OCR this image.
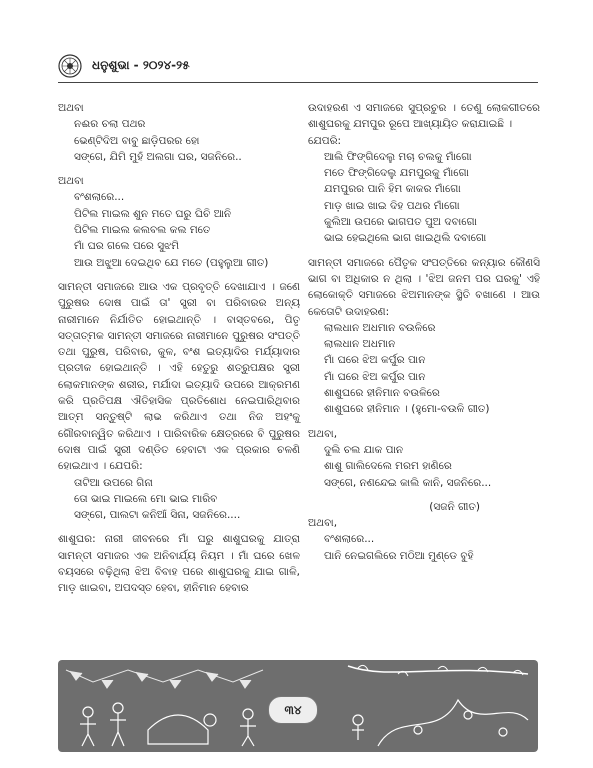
ଧନୁଶୁଭା - ୨୦୨୪-୨୫

ଅଥବା

ନଈର ଚଲା ପଥର

ଭେଣ୍ଟିଦିଅ ବାବୁ ଛାଡ଼ିପରର ହୋ

ସଙ୍ଗେ, ଯିମି ମୁହଁ ଅଲଗା ଘର, ସଜନିରେ..

ଅଥବା

ବଂଶଲାରେ...

ପିଟିଲ ମାଇଲ ଶୁନ ମତେ ଘରୁ ଘିଚି ଆନି

ପିଟିଲ ମାଇଲ କଲବଲ କଲ ମତେ

ମାଁ ଘର ଗଲେ ପରେ ସୁଝମି

ଆଉ ଅଝୁଆ ଦେଇଥିବ ଯେ ମତେ (ପହୁଲୁଆ ଗୀତ)

ସାମନ୍ତୀ ସମାଜରେ ଆଉ ଏକ ପ୍ରବୃତ୍ତି ଦେଖାଯାଏ । ଜଣେ ପୁରୁଷର ଦୋଷ ପାଇଁ ତା' ସ୍ତ୍ରୀ ବା ପରିବାରର ଅନ୍ୟ ନାରୀମାନେ ନିର୍ଯାତିତ ହୋଇଥାନ୍ତି । ବାସ୍ତବରେ, ପିତୃ ସତ୍ତାତ୍ମକ ସାମନ୍ତୀ ସମାଜରେ ନାରୀମାନେ ପୁରୁଷର ସଂପତ୍ତି ତଥା ପୁରୁଷ, ପରିବାର, କୁଳ, ବଂଶ ଇତ୍ୟାଦିର ମର୍ଯ୍ୟାଦାର ପ୍ରତୀକ ହୋଇଥାନ୍ତି । ଏହି ହେତୁରୁ ଶତ୍ରୁପକ୍ଷର ସ୍ତ୍ରୀ ଲୋକମାନଙ୍କ ଶରୀର, ମର୍ଯାଦା ଇତ୍ୟାଦି ଉପରେ ଆକ୍ରମଣ କରି ପ୍ରତିପକ୍ଷ ଐତିହାସିକ ପ୍ରତିଶୋଧ ନେଇପାରିଥିବାର ଆତ୍ମ ସନ୍ତୁଷ୍ଟି ଲାଭ କରିଥାଏ ତଥା ନିଜ ଅହଂକୁ ଗୌରବାନ୍ୱିତ କରିଥାଏ । ପାରିବାରିକ କ୍ଷେତ୍ରରେ ବି ପୁରୁଷର ଦୋଷ ପାଇଁ ସ୍ତ୍ରୀ ଦଣ୍ଡିତ ହେବାଟା ଏକ ପ୍ରକାର ଚଳଣି ହୋଇଥାଏ । ଯେପରି:

ତାଟିଆ ଉପରେ ଗିନା

ତୋ ଭାଇ ମାଇଲେ ମୋ ଭାଇ ମାରିବ

ସଙ୍ଗେ, ପାଲଟା କନିଆଁ ସିନା, ସଜନିରେ....

ଶାଶୁଘର: ନାରୀ ଜୀବନରେ ମାଁ ଘରୁ ଶାଶୁଘରକୁ ଯାତ୍ରା ସାମନ୍ତୀ ସମାଜର ଏକ ଅନିବାର୍ଯ୍ୟ ନିୟମ । ମାଁ ଘରେ ଖେଳ ବୟସରେ ବଢ଼ିଥିଲା ଝିଅ ବିବାହ ପରେ ଶାଶୁଘରକୁ ଯାଇ ଗାଳି, ମାଡ଼ ଖାଇବା, ଅପଦସ୍ତ ହେବା, ହୀନିମାନ ହେବାର

ଉଦାହରଣ ଏ ସମାଜରେ ସୁପ୍ରଚୁର । ତେଣୁ ଲୋକଗୀତରେ ଶାଶୁଘରକୁ ଯମପୁର ରୂପେ ଆଖ୍ୟାୟିତ କରାଯାଇଛି ।

ଯେପରି:

ଆଲି ଫିଙ୍ଗିଦେଲୁ ମଚା ଚଲକୁ ମାଁଗୋ

ମତେ ଫିଙ୍ଗିଦେଲୁ ଯମପୁରକୁ ମାଁଗୋ

ଯମପୁରର ପାନି ହିମ କାକର ମାଁଗୋ

ମାଡ଼ ଖାଇ ଖାଇ ଦିହ ପଥର ମାଁଗୋ

କୁଲିଆ ଉପରେ ଭାଗପତ ପୁଅ ଦବାଗୋ

ଭାଇ ହେଇଥିଲେ ଭାଗ ଖାଇଥିଲି ଦବାଗୋ

ସାମନ୍ତୀ ସମାଜରେ ପୈତୃକ ସଂପତ୍ତିରେ କନ୍ୟାର କୌଣସି ଭାଗ ବା ଅଧିକାର ନ ଥିଲା । 'ଝିଅ ଜନମ ପର ଘରକୁ' ଏହି ଲୋକୋକ୍ତି ସମାଜରେ ଝିଅମାନଙ୍କ ସ୍ଥିତି ବଖାଣେ । ଆଉ କେତୋଟି ଉଦାହରଣ:

ଲାଲଧାନ ଅଧମାନ ବଉଳିରେ

ଲାଲଧାନ ଅଧମାନ

ମାଁ ଘରେ ଝିଅ କର୍ପୁର ପାନ

ମାଁ ଘରେ ଝିଅ କର୍ପୁର ପାନ

ଶାଶୁଘରେ ହୀନିମାନ ବଉଳିରେ

ଶାଶୁଘରେ ହୀନିମାନ । (ହୁମୋ-ବଉଳି ଗୀତ)

ଅଥବା,

ଦୁଲି ଚଲ ଯାକ ପାନ

ଶାଶୁ ଗାଲିଦେଲେ ମରମ ହାଣିରେ

ସଙ୍ଗେ, ନଣନ୍ଦେଇ କାଲି କାନି, ସଜନିରେ...

(ସଜନି ଗୀତ)

ଅଥବା,

ବଂଶଲାରେ...

ପାନି ନେଇଗଲିରେ ମଠିଆ ମୁଣ୍ଡେ ବୁହି

୩୪
